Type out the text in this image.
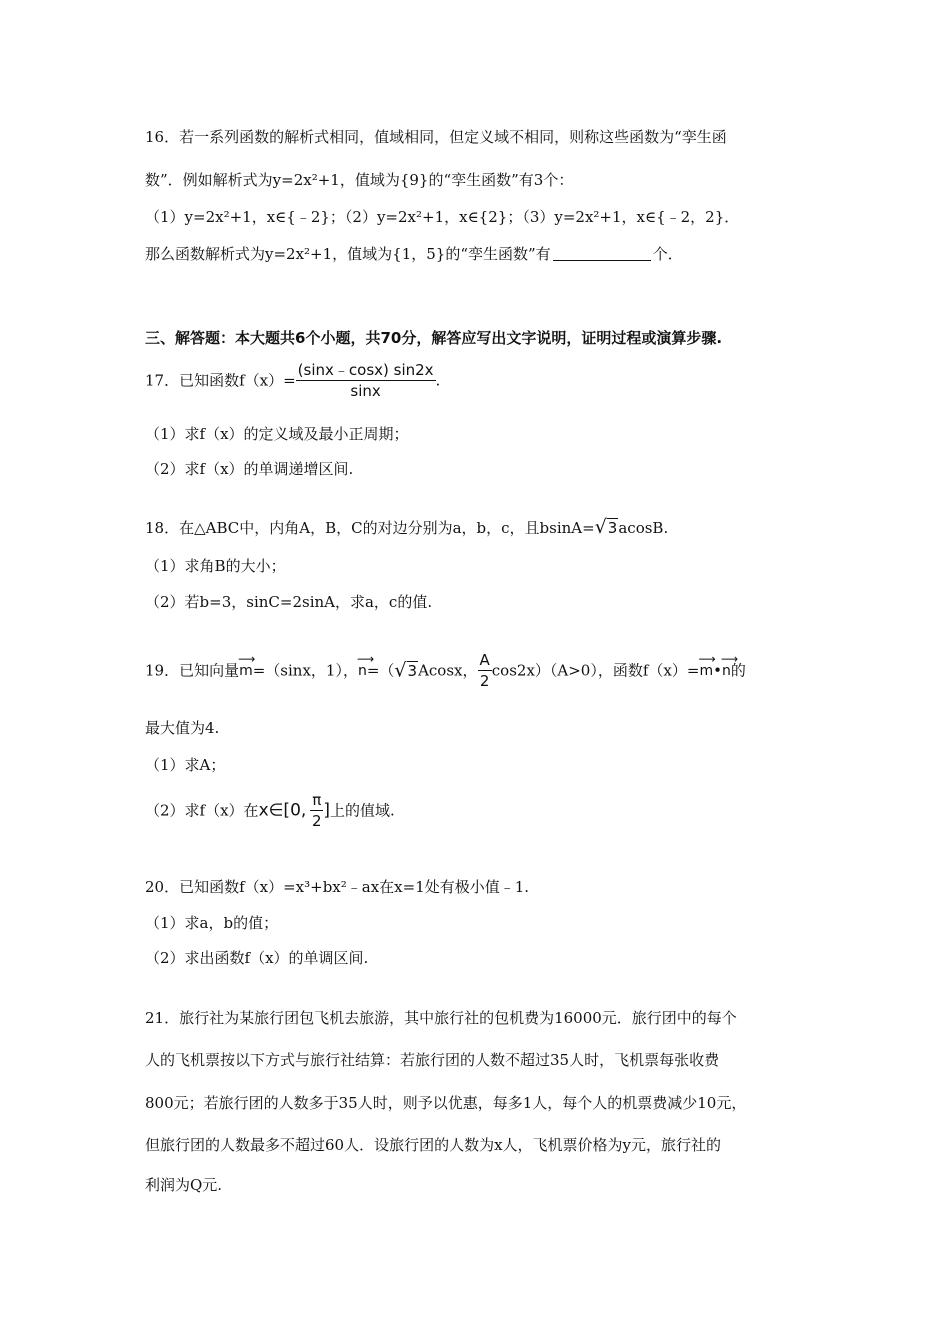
16．若一系列函数的解析式相同，值域相同，但定义域不相同，则称这些函数为“孪生函
数”．例如解析式为y=2x²+1，值域为{9}的“孪生函数”有3个：
（1）y=2x²+1，x∈{﹣2}；（2）y=2x²+1，x∈{2}；（3）y=2x²+1，x∈{﹣2，2}．
那么函数解析式为y=2x²+1，值域为{1，5}的“孪生函数”有	个．
三、解答题：本大题共6个小题，共70分，解答应写出文字说明，证明过程或演算步骤.
17．已知函数$f(x)= \frac{(\sin x﹣\cos x) \sin 2x}{\sin x}$ .
（1）求f（x）的定义域及最小正周期；
（2）求f（x）的单调递增区间.
18．在△ABC中，内角A，B，C的对边分别为a，b，c，且bsinA=√3acosB.
（1）求角B的大小；
（2）若b=3，sinC=2sinA，求a，c的值.
19．已知向量⟶ m=（sinx，1），⟶ n=（√3Acosx， $\frac{A}{2} \cos 2x)(A>0)$，函数f（x）=⟶ m•⟶ n的
最大值为4.
（1）求A；
（2）求f（x）在x∈[0, $\frac{\pi}{2}$ ]上的值域.
20．已知函数f（x）=x³+bx²﹣ax在x=1处有极小值﹣1.
（1）求a，b的值；
（2）求出函数f（x）的单调区间.
21．旅行社为某旅行团包飞机去旅游，其中旅行社的包机费为16000元．旅行团中的每个
人的飞机票按以下方式与旅行社结算：若旅行团的人数不超过35人时，飞机票每张收费
800元；若旅行团的人数多于35人时，则予以优惠，每多1人，每个人的机票费减少10元，
但旅行团的人数最多不超过60人．设旅行团的人数为x人，飞机票价格为y元，旅行社的
利润为Q元.
